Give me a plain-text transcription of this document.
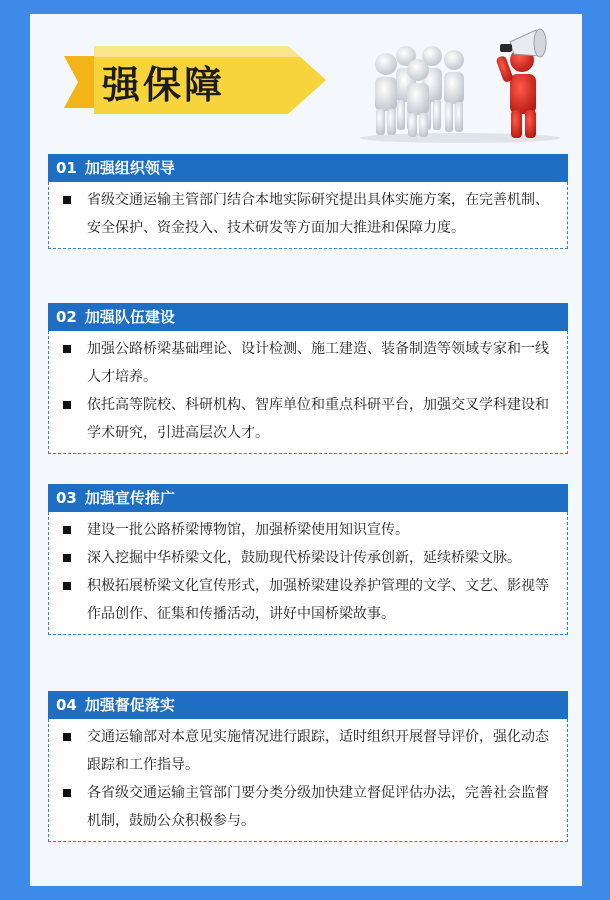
强保障
01 加强组织领导

省级交通运输主管部门结合本地实际研究提出具体实施方案，在完善机制、安全保护、资金投入、技术研发等方面加大推进和保障力度。

02 加强队伍建设

加强公路桥梁基础理论、设计检测、施工建造、装备制造等领域专家和一线人才培养。

依托高等院校、科研机构、智库单位和重点科研平台，加强交叉学科建设和学术研究，引进高层次人才。

03 加强宣传推广

建设一批公路桥梁博物馆，加强桥梁使用知识宣传。

深入挖掘中华桥梁文化，鼓励现代桥梁设计传承创新，延续桥梁文脉。

积极拓展桥梁文化宣传形式，加强桥梁建设养护管理的文学、文艺、影视等作品创作、征集和传播活动，讲好中国桥梁故事。

04 加强督促落实

交通运输部对本意见实施情况进行跟踪，适时组织开展督导评价，强化动态跟踪和工作指导。

各省级交通运输主管部门要分类分级加快建立督促评估办法，完善社会监督机制，鼓励公众积极参与。
